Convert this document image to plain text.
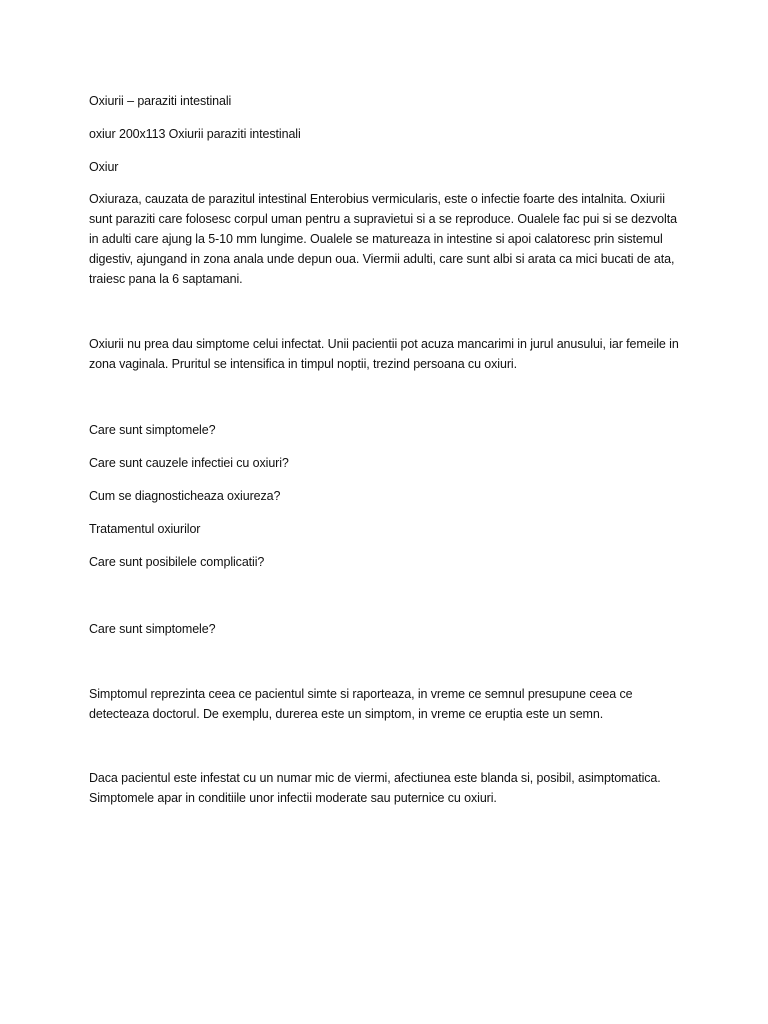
Oxiurii – paraziti intestinali

oxiur 200x113 Oxiurii paraziti intestinali

Oxiur

Oxiuraza, cauzata de parazitul intestinal Enterobius vermicularis, este o infectie foarte des intalnita. Oxiurii sunt paraziti care folosesc corpul uman pentru a supravietui si a se reproduce. Oualele fac pui si se dezvolta in adulti care ajung la 5-10 mm lungime. Oualele se matureaza in intestine si apoi calatoresc prin sistemul digestiv, ajungand in zona anala unde depun oua. Viermii adulti, care sunt albi si arata ca mici bucati de ata, traiesc pana la 6 saptamani.

Oxiurii nu prea dau simptome celui infectat. Unii pacientii pot acuza mancarimi in jurul anusului, iar femeile in zona vaginala. Pruritul se intensifica in timpul noptii, trezind persoana cu oxiuri.

Care sunt simptomele?

Care sunt cauzele infectiei cu oxiuri?

Cum se diagnosticheaza oxiureza?

Tratamentul oxiurilor

Care sunt posibilele complicatii?

Care sunt simptomele?

Simptomul reprezinta ceea ce pacientul simte si raporteaza, in vreme ce semnul presupune ceea ce detecteaza doctorul. De exemplu, durerea este un simptom, in vreme ce eruptia este un semn.

Daca pacientul este infestat cu un numar mic de viermi, afectiunea este blanda si, posibil, asimptomatica. Simptomele apar in conditiile unor infectii moderate sau puternice cu oxiuri.
